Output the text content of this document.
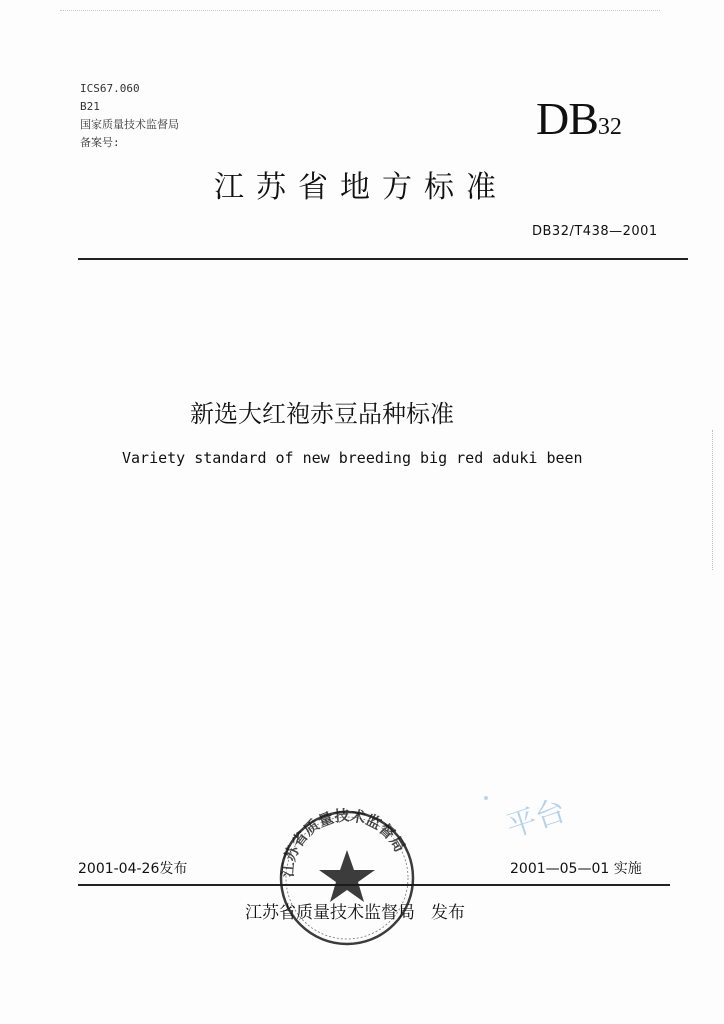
ICS67.060
B21
国家质量技术监督局
备案号:	DB32
江苏省地方标准
DB32/T438—2001
新选大红袍赤豆品种标准
Variety standard of new breeding big red aduki been
平台
2001-04-26发布	2001—05—01 实施
江苏省质量技术监督局 发布
江苏省质量技术监督局
